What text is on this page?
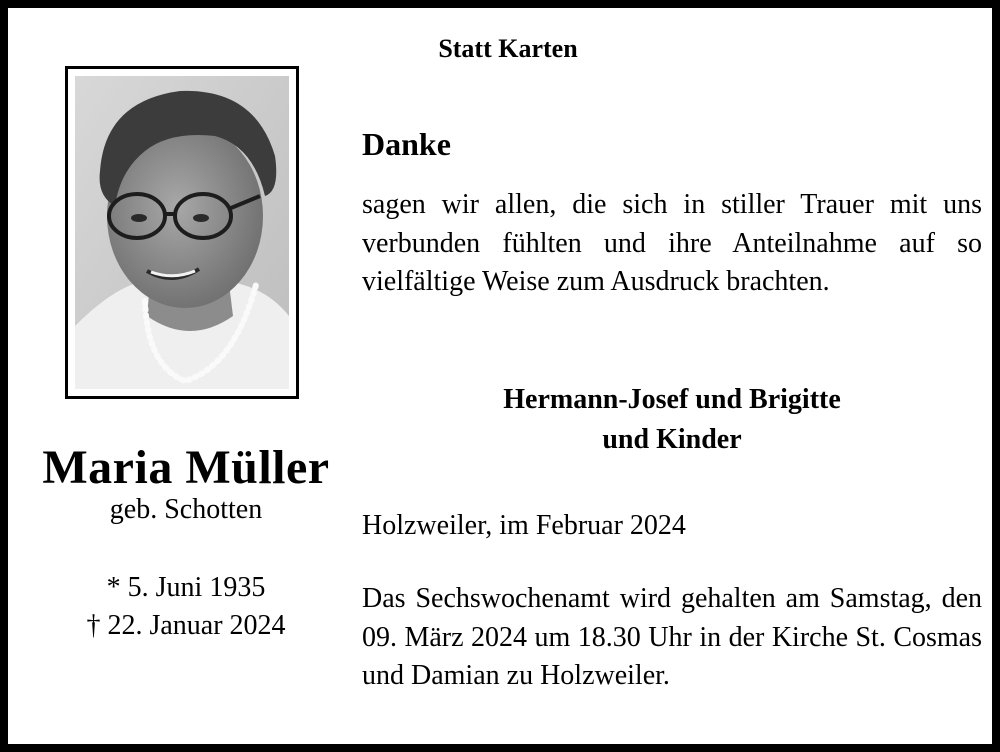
Statt Karten
Maria Müller
geb. Schotten
* 5. Juni 1935
† 22. Januar 2024
Danke
sagen wir allen, die sich in stiller Trauer mit uns verbunden fühlten und ihre Anteilnahme auf so vielfältige Weise zum Ausdruck brachten.
Hermann-Josef und Brigitte
und Kinder
Holzweiler, im Februar 2024
Das Sechswochenamt wird gehalten am Samstag, den 09. März 2024 um 18.30 Uhr in der Kirche St. Cosmas und Damian zu Holzweiler.
